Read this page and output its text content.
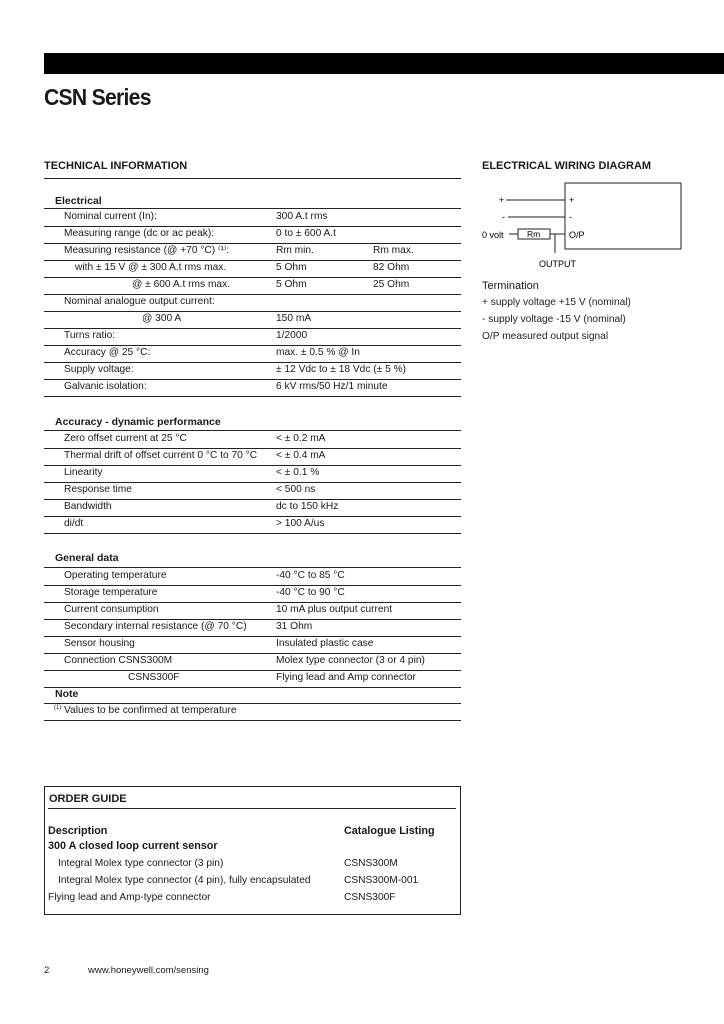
CSN Series
TECHNICAL INFORMATION
Electrical
Nominal current (In):	300 A.t rms
Measuring range (dc or ac peak):	0 to ± 600 A.t
Measuring resistance (@ +70 °C) ⁽¹⁾:	Rm min.	Rm max.
with ± 15 V @ ± 300 A.t rms max.	5 Ohm	82 Ohm
@ ± 600 A.t rms max.	5 Ohm	25 Ohm
Nominal analogue output current:
@ 300 A	150 mA
Turns ratio:	1/2000
Accuracy @ 25 °C:	max. ± 0.5 % @ In
Supply voltage:	± 12 Vdc to ± 18 Vdc (± 5 %)
Galvanic isolation:	6 kV rms/50 Hz/1 minute
Accuracy - dynamic performance
Zero offset current at 25 °C	< ± 0.2 mA
Thermal drift of offset current 0 °C to 70 °C < ± 0.4 mA
Linearity	< ± 0.1 %
Response time	< 500 ns
Bandwidth	dc to 150 kHz
di/dt	> 100 A/us
General data
Operating temperature	-40 °C to 85 °C
Storage temperature	-40 °C to 90 °C
Current consumption	10 mA plus output current
Secondary internal resistance (@ 70 °C)	31 Ohm
Sensor housing	Insulated plastic case
Connection CSNS300M	Molex type connector (3 or 4 pin)
CSNS300F	Flying lead and Amp connector
Note
(1) Values to be confirmed at temperature
ELECTRICAL WIRING DIAGRAM
+
-
0 volt	Rm
+
-
O/P
OUTPUT
Termination
+ supply voltage +15 V (nominal)
- supply voltage -15 V (nominal)
O/P measured output signal
ORDER GUIDE
Description	Catalogue Listing
300 A closed loop current sensor
Integral Molex type connector (3 pin)	CSNS300M
Integral Molex type connector (4 pin), fully encapsulated	CSNS300M-001
Flying lead and Amp-type connector	CSNS300F
2	www.honeywell.com/sensing
